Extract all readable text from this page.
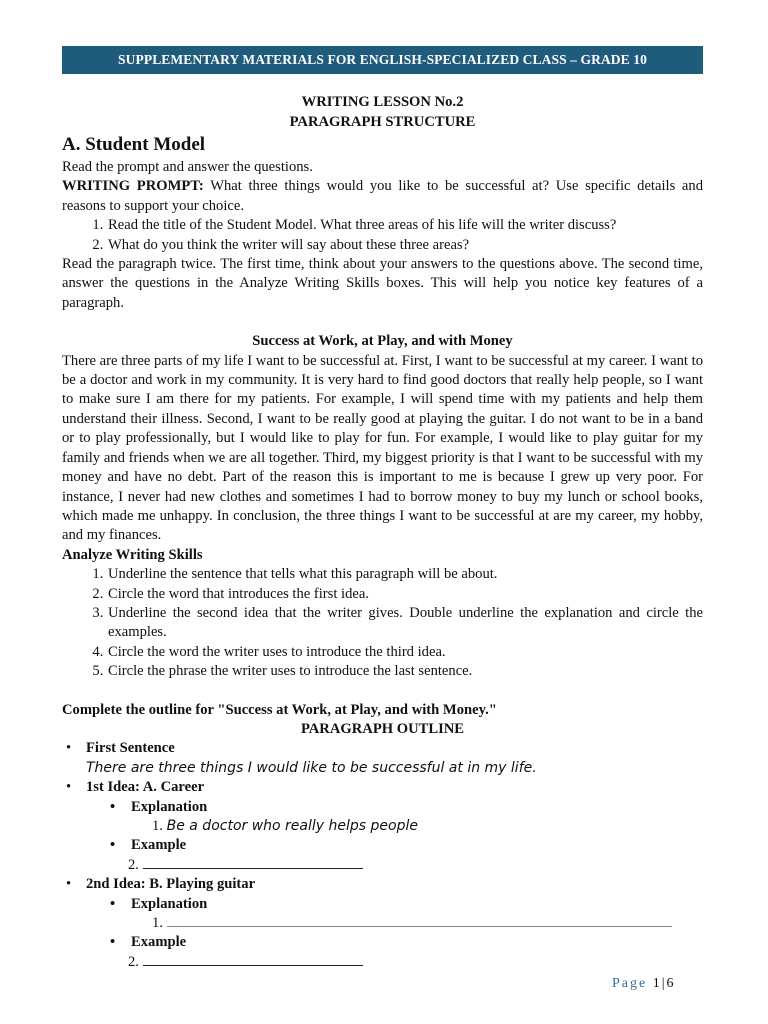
SUPPLEMENTARY MATERIALS FOR ENGLISH-SPECIALIZED CLASS – GRADE 10
WRITING LESSON No.2
PARAGRAPH STRUCTURE
A. Student Model

Read the prompt and answer the questions.

WRITING PROMPT: What three things would you like to be successful at? Use specific details and reasons to support your choice.

1. Read the title of the Student Model. What three areas of his life will the writer discuss?
2. What do you think the writer will say about these three areas?

Read the paragraph twice. The first time, think about your answers to the questions above. The second time, answer the questions in the Analyze Writing Skills boxes. This will help you notice key features of a paragraph.

Success at Work, at Play, and with Money

There are three parts of my life I want to be successful at. First, I want to be successful at my career. I want to be a doctor and work in my community. It is very hard to find good doctors that really help people, so I want to make sure I am there for my patients. For example, I will spend time with my patients and help them understand their illness. Second, I want to be really good at playing the guitar. I do not want to be in a band or to play professionally, but I would like to play for fun. For example, I would like to play guitar for my family and friends when we are all together. Third, my biggest priority is that I want to be successful with my money and have no debt. Part of the reason this is important to me is because I grew up very poor. For instance, I never had new clothes and sometimes I had to borrow money to buy my lunch or school books, which made me unhappy. In conclusion, the three things I want to be successful at are my career, my hobby, and my finances.

Analyze Writing Skills
1. Underline the sentence that tells what this paragraph will be about.
2. Circle the word that introduces the first idea.
3. Underline the second idea that the writer gives. Double underline the explanation and circle the examples.
4. Circle the word the writer uses to introduce the third idea.
5. Circle the phrase the writer uses to introduce the last sentence.
Complete the outline for "Success at Work, at Play, and with Money."
PARAGRAPH OUTLINE
• First Sentence
There are three things I would like to be successful at in my life.
• 1st Idea: A. Career
• Explanation
1. Be a doctor who really helps people
• Example
2.
• 2nd Idea: B. Playing guitar
• Explanation
1.
• Example
2.
Page 1|6
